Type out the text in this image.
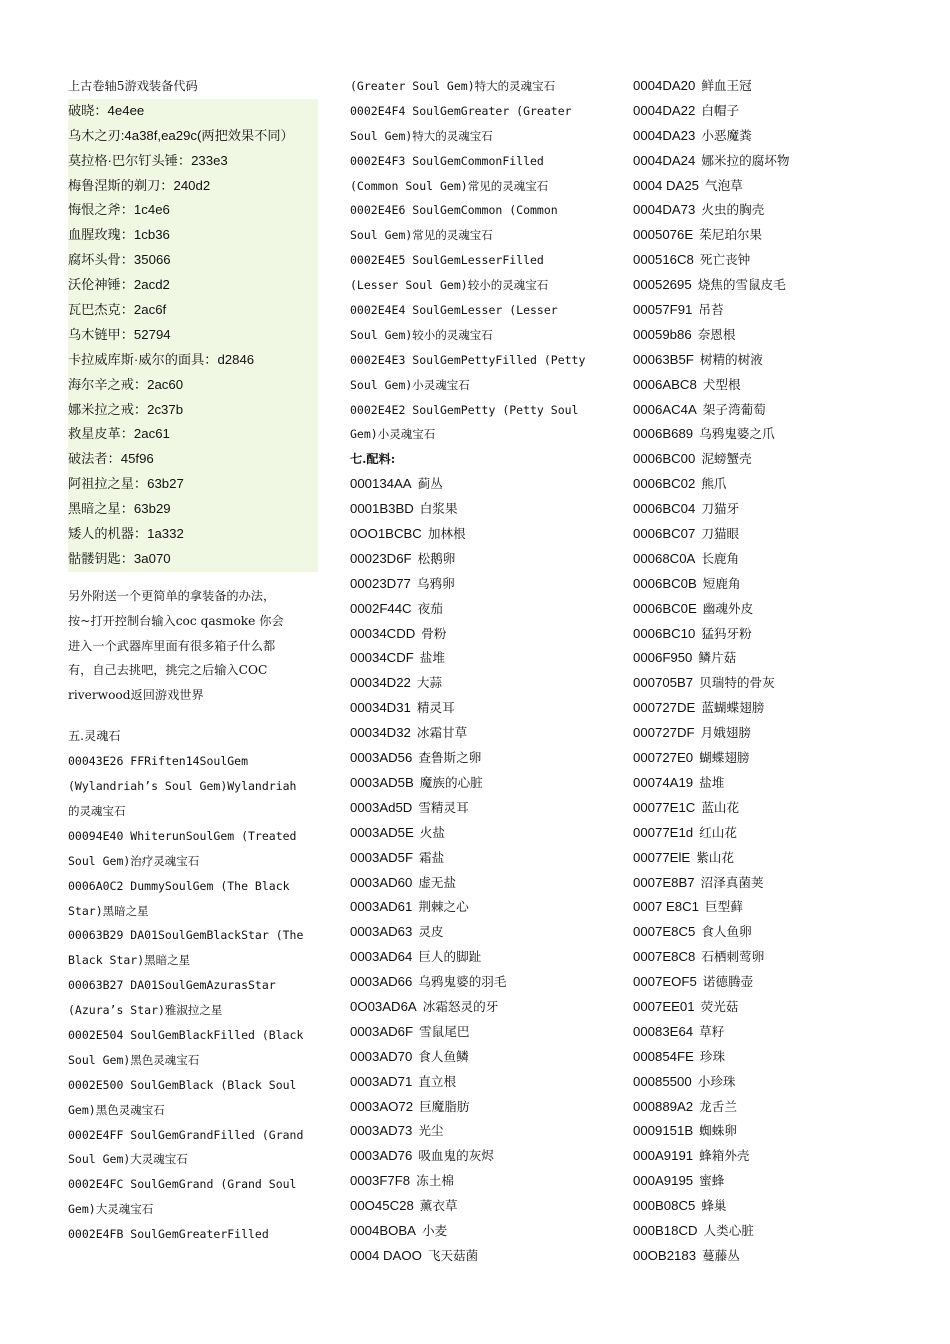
上古卷轴5游戏装备代码
破晓：4e4ee
乌木之刃:4a38f,ea29c(两把效果不同）
莫拉格·巴尔钉头锤：233e3
梅鲁涅斯的剃刀：240d2
悔恨之斧：1c4e6
血腥玫瑰：1cb36
腐坏头骨：35066
沃伦神锤：2acd2
瓦巴杰克：2ac6f
乌木链甲：52794
卡拉威库斯·威尔的面具：d2846
海尔辛之戒：2ac60
娜米拉之戒：2c37b
救星皮革：2ac61
破法者：45f96
阿祖拉之星：63b27
黑暗之星：63b29
矮人的机器：1a332
骷髅钥匙：3a070
另外附送一个更简单的拿装备的办法，
按~打开控制台输入coc qasmoke 你会
进入一个武器库里面有很多箱子什么都
有，自己去挑吧，挑完之后输入COC
riverwood返回游戏世界
五.灵魂石
00043E26 FFRiften14SoulGem
(Wylandriah’s Soul Gem)Wylandriah
的灵魂宝石
00094E40 WhiterunSoulGem (Treated
Soul Gem)治疗灵魂宝石
0006A0C2 DummySoulGem (The Black
Star)黑暗之星
00063B29 DA01SoulGemBlackStar (The
Black Star)黑暗之星
00063B27 DA01SoulGemAzurasStar
(Azura’s Star)雅淑拉之星
0002E504 SoulGemBlackFilled (Black
Soul Gem)黑色灵魂宝石
0002E500 SoulGemBlack (Black Soul
Gem)黑色灵魂宝石
0002E4FF SoulGemGrandFilled (Grand
Soul Gem)大灵魂宝石
0002E4FC SoulGemGrand (Grand Soul
Gem)大灵魂宝石
0002E4FB SoulGemGreaterFilled
(Greater Soul Gem)特大的灵魂宝石
0002E4F4 SoulGemGreater (Greater
Soul Gem)特大的灵魂宝石
0002E4F3 SoulGemCommonFilled
(Common Soul Gem)常见的灵魂宝石
0002E4E6 SoulGemCommon (Common
Soul Gem)常见的灵魂宝石
0002E4E5 SoulGemLesserFilled
(Lesser Soul Gem)较小的灵魂宝石
0002E4E4 SoulGemLesser (Lesser
Soul Gem)较小的灵魂宝石
0002E4E3 SoulGemPettyFilled (Petty
Soul Gem)小灵魂宝石
0002E4E2 SoulGemPetty (Petty Soul
Gem)小灵魂宝石
七.配料:
000134AA 蓟丛
0001B3BD 白浆果
0OO1BCBC 加林根
00023D6F 松鹅卵
00023D77 乌鸦卵
0002F44C 夜茄
00034CDD 骨粉
00034CDF 盐堆
00034D22 大蒜
00034D31 精灵耳
00034D32 冰霜甘草
0003AD56 查鲁斯之卵
0003AD5B 魔族的心脏
0003Ad5D 雪精灵耳
0003AD5E 火盐
0003AD5F 霜盐
0003AD60 虚无盐
0003AD61 荆棘之心
0003AD63 灵皮
0003AD64 巨人的脚趾
0003AD66 乌鸦鬼婆的羽毛
0O03AD6A 冰霜怒灵的牙
0003AD6F 雪鼠尾巴
0003AD70 食人鱼鳞
0003AD71 直立根
0003AO72 巨魔脂肪
0003AD73 光尘
0003AD76 吸血鬼的灰烬
0003F7F8 冻土棉
00O45C28 薰衣草
0004BOBA 小麦
0004 DAOO 飞天菇菌
0004DA20 鲜血王冠
0004DA22 白帽子
0004DA23 小恶魔粪
0004DA24 娜米拉的腐坏物
0004 DA25 气泡草
0004DA73 火虫的胸壳
0005076E 茱尼珀尔果
000516C8 死亡丧钟
00052695 烧焦的雪鼠皮毛
00057F91 吊苔
00059b86 奈恩根
00063B5F 树精的树液
0006ABC8 犬型根
0006AC4A 架子湾葡萄
0006B689 乌鸦鬼婆之爪
0006BC00 泥螃蟹壳
0006BC02 熊爪
0006BC04 刀猫牙
0006BC07 刀猫眼
00068C0A 长鹿角
0006BC0B 短鹿角
0006BC0E 幽魂外皮
0006BC10 猛犸牙粉
0006F950 鳞片菇
000705B7 贝瑞特的骨灰
000727DE 蓝蝴蝶翅膀
000727DF 月娥翅膀
000727E0 蝴蝶翅膀
00074A19 盐堆
00077E1C 蓝山花
00077E1d 红山花
00077ElE 紫山花
0007E8B7 沼泽真菌荚
0007 E8C1 巨型藓
0007E8C5 食人鱼卵
0007E8C8 石栖刺莺卵
0007EOF5 诺德腾壶
0007EE01 荧光菇
00083E64 草籽
000854FE 珍珠
00085500 小珍珠
000889A2 龙舌兰
0009151B 蜘蛛卵
000A9191 蜂箱外壳
000A9195 蜜蜂
000B08C5 蜂巢
000B18CD 人类心脏
00OB2183 蔓藤丛
